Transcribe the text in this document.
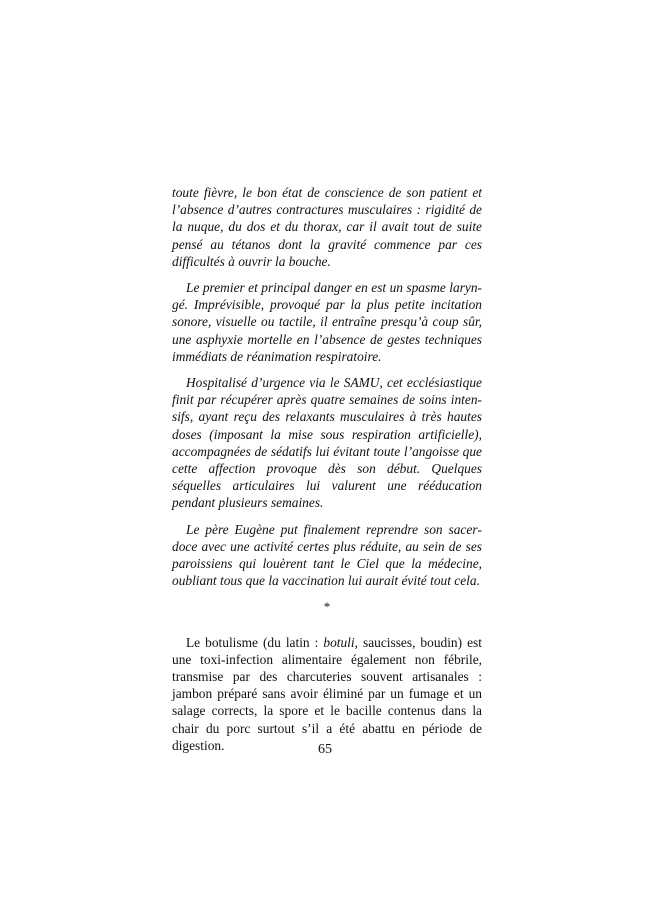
toute fièvre, le bon état de conscience de son patient et l’absence d’autres contractures musculaires : rigidité de la nuque, du dos et du thorax, car il avait tout de suite pensé au tétanos dont la gravité commence par ces difficultés à ouvrir la bouche.

Le premier et principal danger en est un spasme laryngé. Imprévisible, provoqué par la plus petite incitation sonore, visuelle ou tactile, il entraîne presqu’à coup sûr, une asphyxie mortelle en l’absence de gestes techniques immédiats de réanimation respiratoire.

Hospitalisé d’urgence via le SAMU, cet ecclésiastique finit par récupérer après quatre semaines de soins intensifs, ayant reçu des relaxants musculaires à très hautes doses (imposant la mise sous respiration artificielle), accompagnées de sédatifs lui évitant toute l’angoisse que cette affection provoque dès son début. Quelques séquelles articulaires lui valurent une rééducation pendant plusieurs semaines.

Le père Eugène put finalement reprendre son sacerdoce avec une activité certes plus réduite, au sein de ses paroissiens qui louèrent tant le Ciel que la médecine, oubliant tous que la vaccination lui aurait évité tout cela.

*

Le botulisme (du latin : botuli, saucisses, boudin) est une toxi-infection alimentaire également non fébrile, transmise par des charcuteries souvent artisanales : jambon préparé sans avoir éliminé par un fumage et un salage corrects, la spore et le bacille contenus dans la chair du porc surtout s’il a été abattu en période de digestion.	65
